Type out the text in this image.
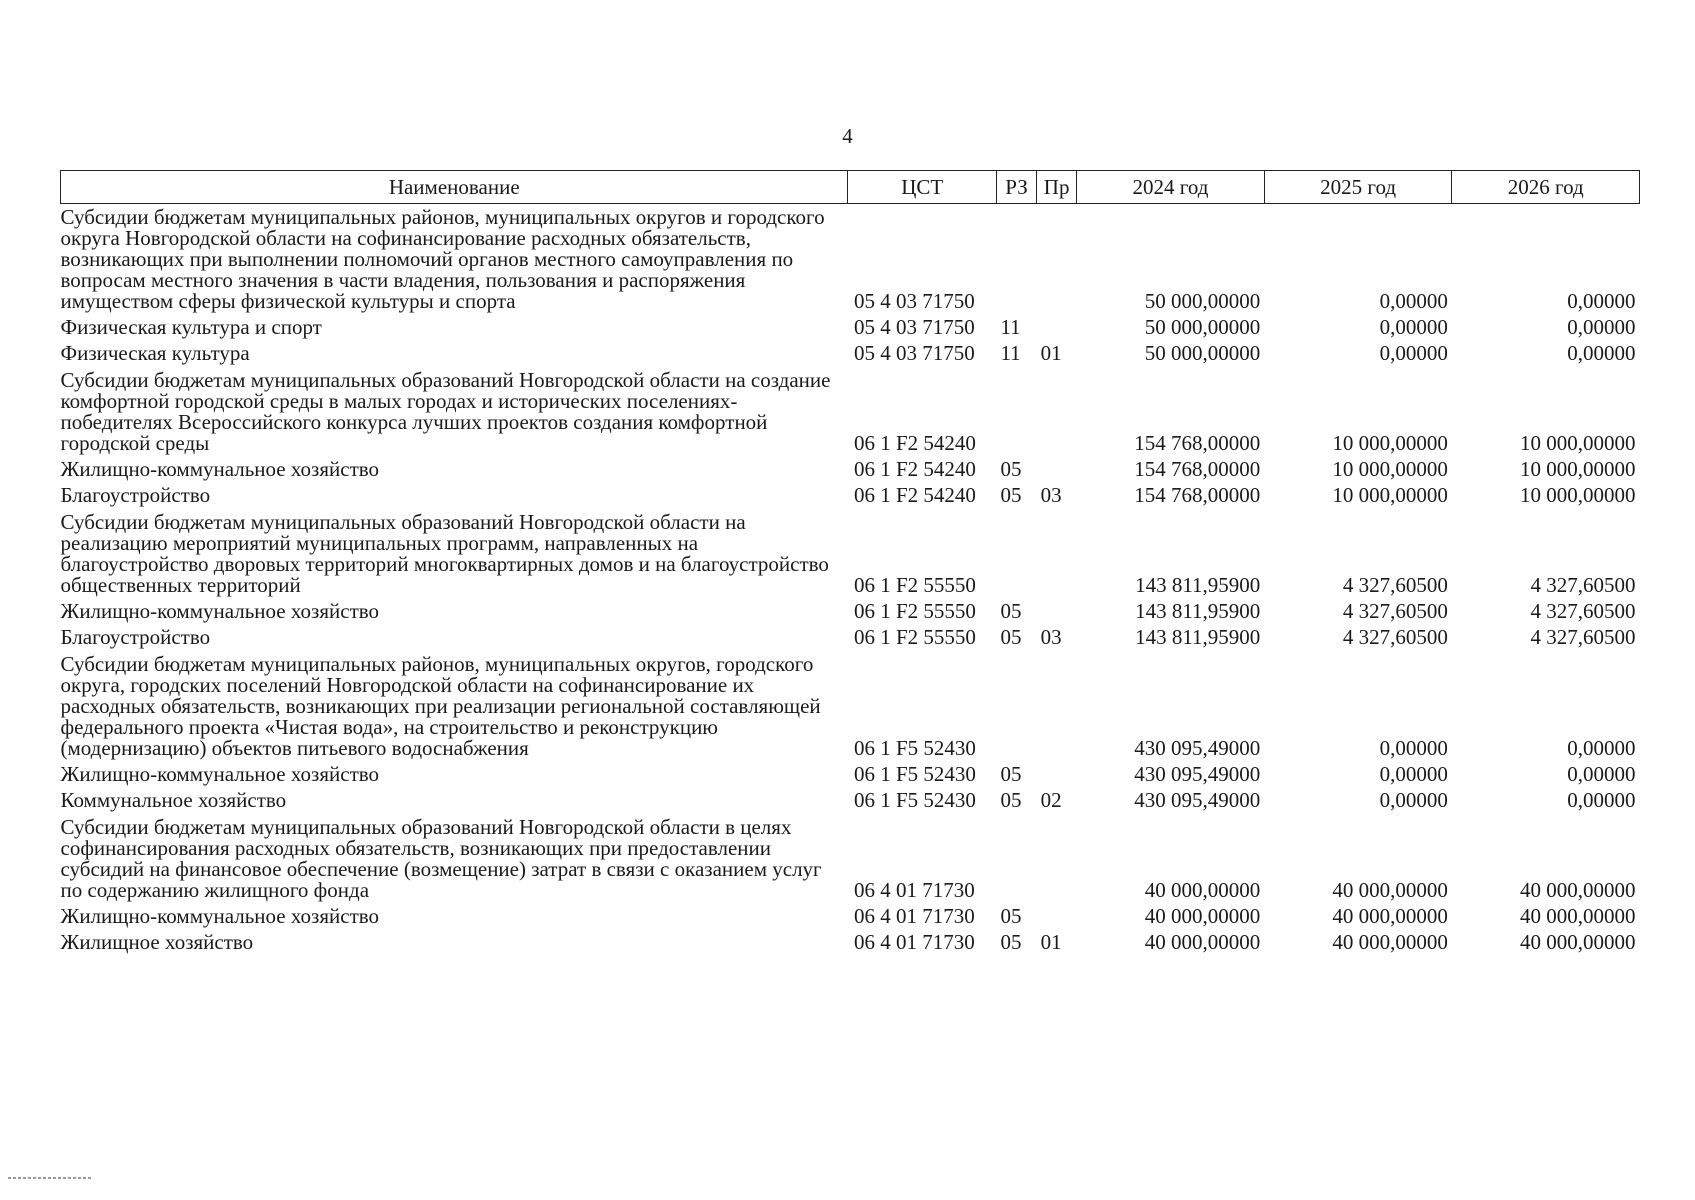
4
Наименование	ЦСТ	РЗ	Пр	2024 год	2025 год	2026 год
Субсидии бюджетам муниципальных районов, муниципальных округов и городского округа Новгородской области на софинансирование расходных обязательств, возникающих при выполнении полномочий органов местного самоуправления по вопросам местного значения в части владения, пользования и распоряжения имуществом сферы физической культуры и спорта	05 4 03 71750			50 000,00000	0,00000	0,00000
Физическая культура и спорт	05 4 03 71750	11		50 000,00000	0,00000	0,00000
Физическая культура	05 4 03 71750	11	01	50 000,00000	0,00000	0,00000
Субсидии бюджетам муниципальных образований Новгородской области на создание комфортной городской среды в малых городах и исторических поселениях-победителях Всероссийского конкурса лучших проектов создания комфортной городской среды	06 1 F2 54240			154 768,00000	10 000,00000	10 000,00000
Жилищно-коммунальное хозяйство	06 1 F2 54240	05		154 768,00000	10 000,00000	10 000,00000
Благоустройство	06 1 F2 54240	05	03	154 768,00000	10 000,00000	10 000,00000
Субсидии бюджетам муниципальных образований Новгородской области на реализацию мероприятий муниципальных программ, направленных на благоустройство дворовых территорий многоквартирных домов и на благоустройство общественных территорий	06 1 F2 55550			143 811,95900	4 327,60500	4 327,60500
Жилищно-коммунальное хозяйство	06 1 F2 55550	05		143 811,95900	4 327,60500	4 327,60500
Благоустройство	06 1 F2 55550	05	03	143 811,95900	4 327,60500	4 327,60500
Субсидии бюджетам муниципальных районов, муниципальных округов, городского округа, городских поселений Новгородской области на софинансирование их расходных обязательств, возникающих при реализации региональной составляющей федерального проекта «Чистая вода», на строительство и реконструкцию (модернизацию) объектов питьевого водоснабжения	06 1 F5 52430			430 095,49000	0,00000	0,00000
Жилищно-коммунальное хозяйство	06 1 F5 52430	05		430 095,49000	0,00000	0,00000
Коммунальное хозяйство	06 1 F5 52430	05	02	430 095,49000	0,00000	0,00000
Субсидии бюджетам муниципальных образований Новгородской области в целях софинансирования расходных обязательств, возникающих при предоставлении субсидий на финансовое обеспечение (возмещение) затрат в связи с оказанием услуг по содержанию жилищного фонда	06 4 01 71730			40 000,00000	40 000,00000	40 000,00000
Жилищно-коммунальное хозяйство	06 4 01 71730	05		40 000,00000	40 000,00000	40 000,00000
Жилищное хозяйство	06 4 01 71730	05	01	40 000,00000	40 000,00000	40 000,00000
